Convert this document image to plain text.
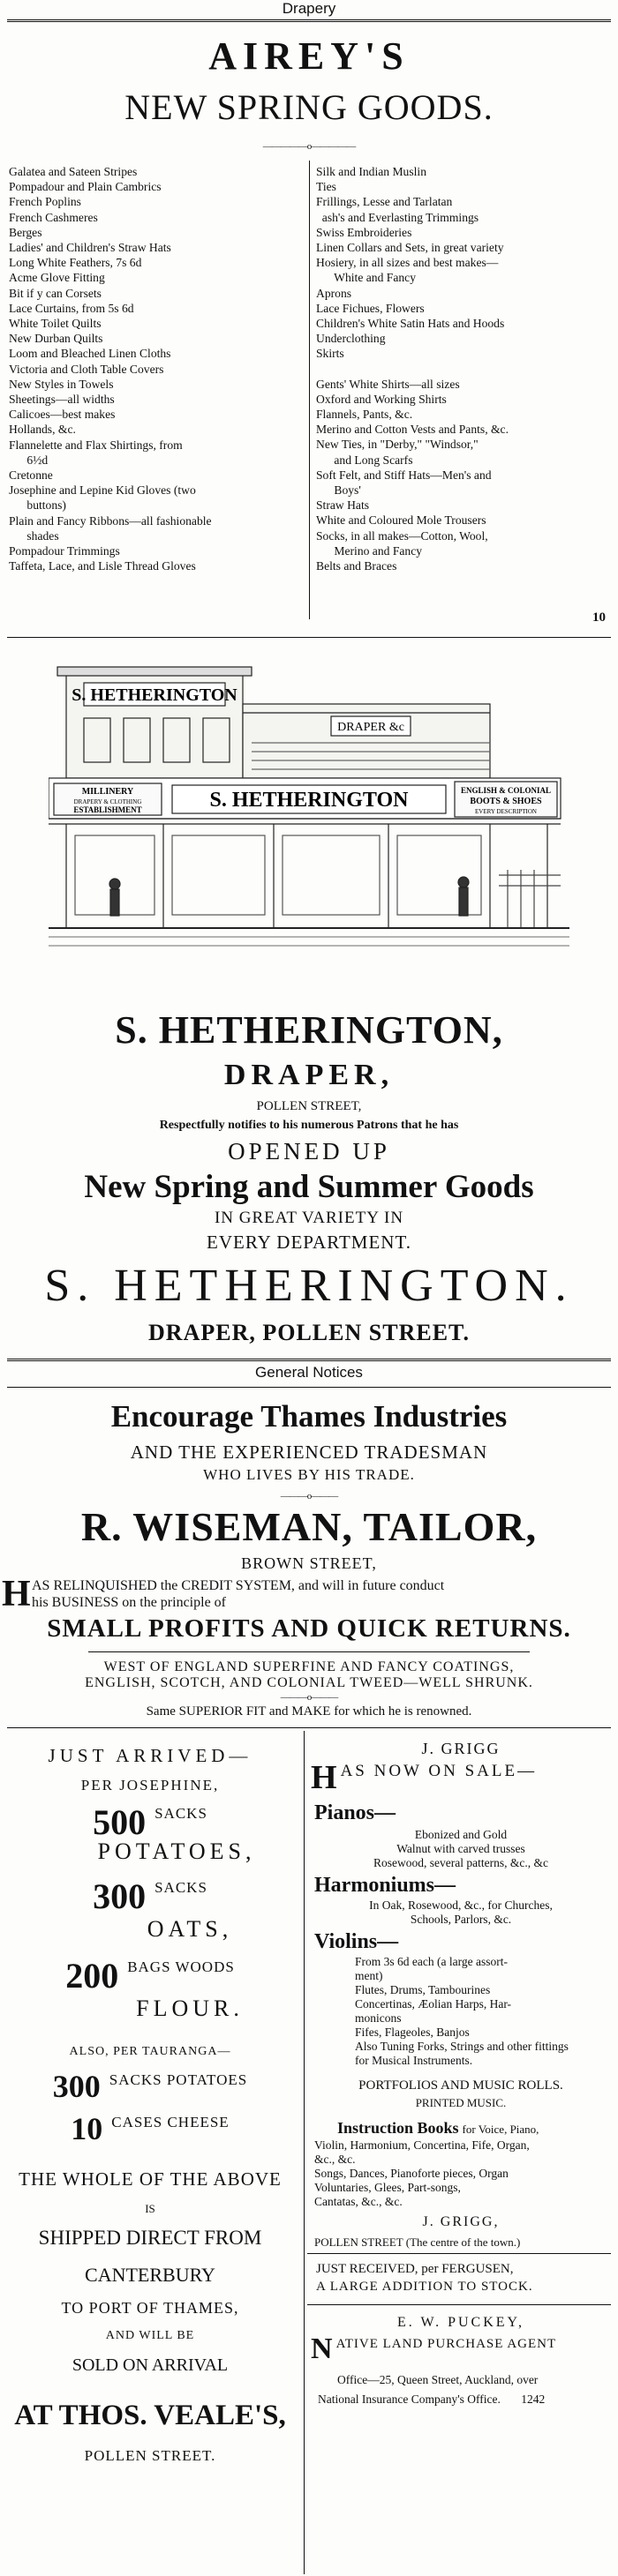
Drapery
AIREY'S
NEW SPRING GOODS.
—————o—————
Galatea and Sateen Stripes
Pompadour and Plain Cambrics
French Poplins
French Cashmeres
Berges
Ladies' and Children's Straw Hats
Long White Feathers, 7s 6d
Acme Glove Fitting
Bit if y can Corsets
Lace Curtains, from 5s 6d
White Toilet Quilts
New Durban Quilts
Loom and Bleached Linen Cloths
Victoria and Cloth Table Covers
New Styles in Towels
Sheetings—all widths
Calicoes—best makes
Hollands, &c.
Flannelette and Flax Shirtings, from
6½d
Cretonne
Josephine and Lepine Kid Gloves (two
buttons)
Plain and Fancy Ribbons—all fashionable
shades
Pompadour Trimmings
Taffeta, Lace, and Lisle Thread Gloves
Silk and Indian Muslin
Ties
Frillings, Lesse and Tarlatan
ash's and Everlasting Trimmings
Swiss Embroideries
Linen Collars and Sets, in great variety
Hosiery, in all sizes and best makes—
White and Fancy
Aprons
Lace Fichues, Flowers
Children's White Satin Hats and Hoods
Underclothing
Skirts
Gents' White Shirts—all sizes
Oxford and Working Shirts
Flannels, Pants, &c.
Merino and Cotton Vests and Pants, &c.
New Ties, in "Derby," "Windsor,"
and Long Scarfs
Soft Felt, and Stiff Hats—Men's and
Boys'
Straw Hats
White and Coloured Mole Trousers
Socks, in all makes—Cotton, Wool,
Merino and Fancy
Belts and Braces
10
S. HETHERINGTON
DRAPER &c
MILLINERY
DRAPERY & CLOTHING
ESTABLISHMENT	S. HETHERINGTON	ENGLISH & COLONIAL
BOOTS & SHOES
EVERY DESCRIPTION
S. HETHERINGTON,
DRAPER,
POLLEN STREET,
Respectfully notifies to his numerous Patrons that he has
OPENED UP
New Spring and Summer Goods
IN GREAT VARIETY IN
EVERY DEPARTMENT.
S. HETHERINGTON.
DRAPER, POLLEN STREET.
General Notices
Encourage Thames Industries
AND THE EXPERIENCED TRADESMAN
WHO LIVES BY HIS TRADE.
———o———
R. WISEMAN, TAILOR,
BROWN STREET,
H AS RELINQUISHED the CREDIT SYSTEM, and will in future conduct
his BUSINESS on the principle of
SMALL PROFITS AND QUICK RETURNS.
WEST OF ENGLAND SUPERFINE AND FANCY COATINGS,
ENGLISH, SCOTCH, AND COLONIAL TWEED—WELL SHRUNK.
———o———
Same SUPERIOR FIT and MAKE for which he is renowned.
JUST ARRIVED—
PER JOSEPHINE,
500 SACKS
POTATOES,
300 SACKS
OATS,
200 BAGS WOODS
FLOUR.
ALSO, PER TAURANGA—
300 SACKS POTATOES
10 CASES CHEESE
THE WHOLE OF THE ABOVE
IS
SHIPPED DIRECT FROM
CANTERBURY
TO PORT OF THAMES,
AND WILL BE
SOLD ON ARRIVAL
AT THOS. VEALE'S,
POLLEN STREET.
J. GRIGG
H AS NOW ON SALE—
Pianos—
Ebonized and Gold
Walnut with carved trusses
Rosewood, several patterns, &c., &c
Harmoniums—
In Oak, Rosewood, &c., for Churches,
Schools, Parlors, &c.
Violins—
From 3s 6d each (a large assort-
ment)
Flutes, Drums, Tambourines
Concertinas, Æolian Harps, Har-
monicons
Fifes, Flageoles, Banjos
Also Tuning Forks, Strings and other fittings
for Musical Instruments.
PORTFOLIOS AND MUSIC ROLLS.
PRINTED MUSIC.
Instruction Books for Voice, Piano,
Violin, Harmonium, Concertina, Fife, Organ,
&c., &c.
Songs, Dances, Pianoforte pieces, Organ
Voluntaries, Glees, Part-songs,
Cantatas, &c., &c.
J. GRIGG,
POLLEN STREET (The centre of the town.)
JUST RECEIVED, per FERGUSEN,
A LARGE ADDITION TO STOCK.
E. W. PUCKEY,
N ATIVE LAND PURCHASE AGENT
Office—25, Queen Street, Auckland, over
National Insurance Company's Office. 1242
